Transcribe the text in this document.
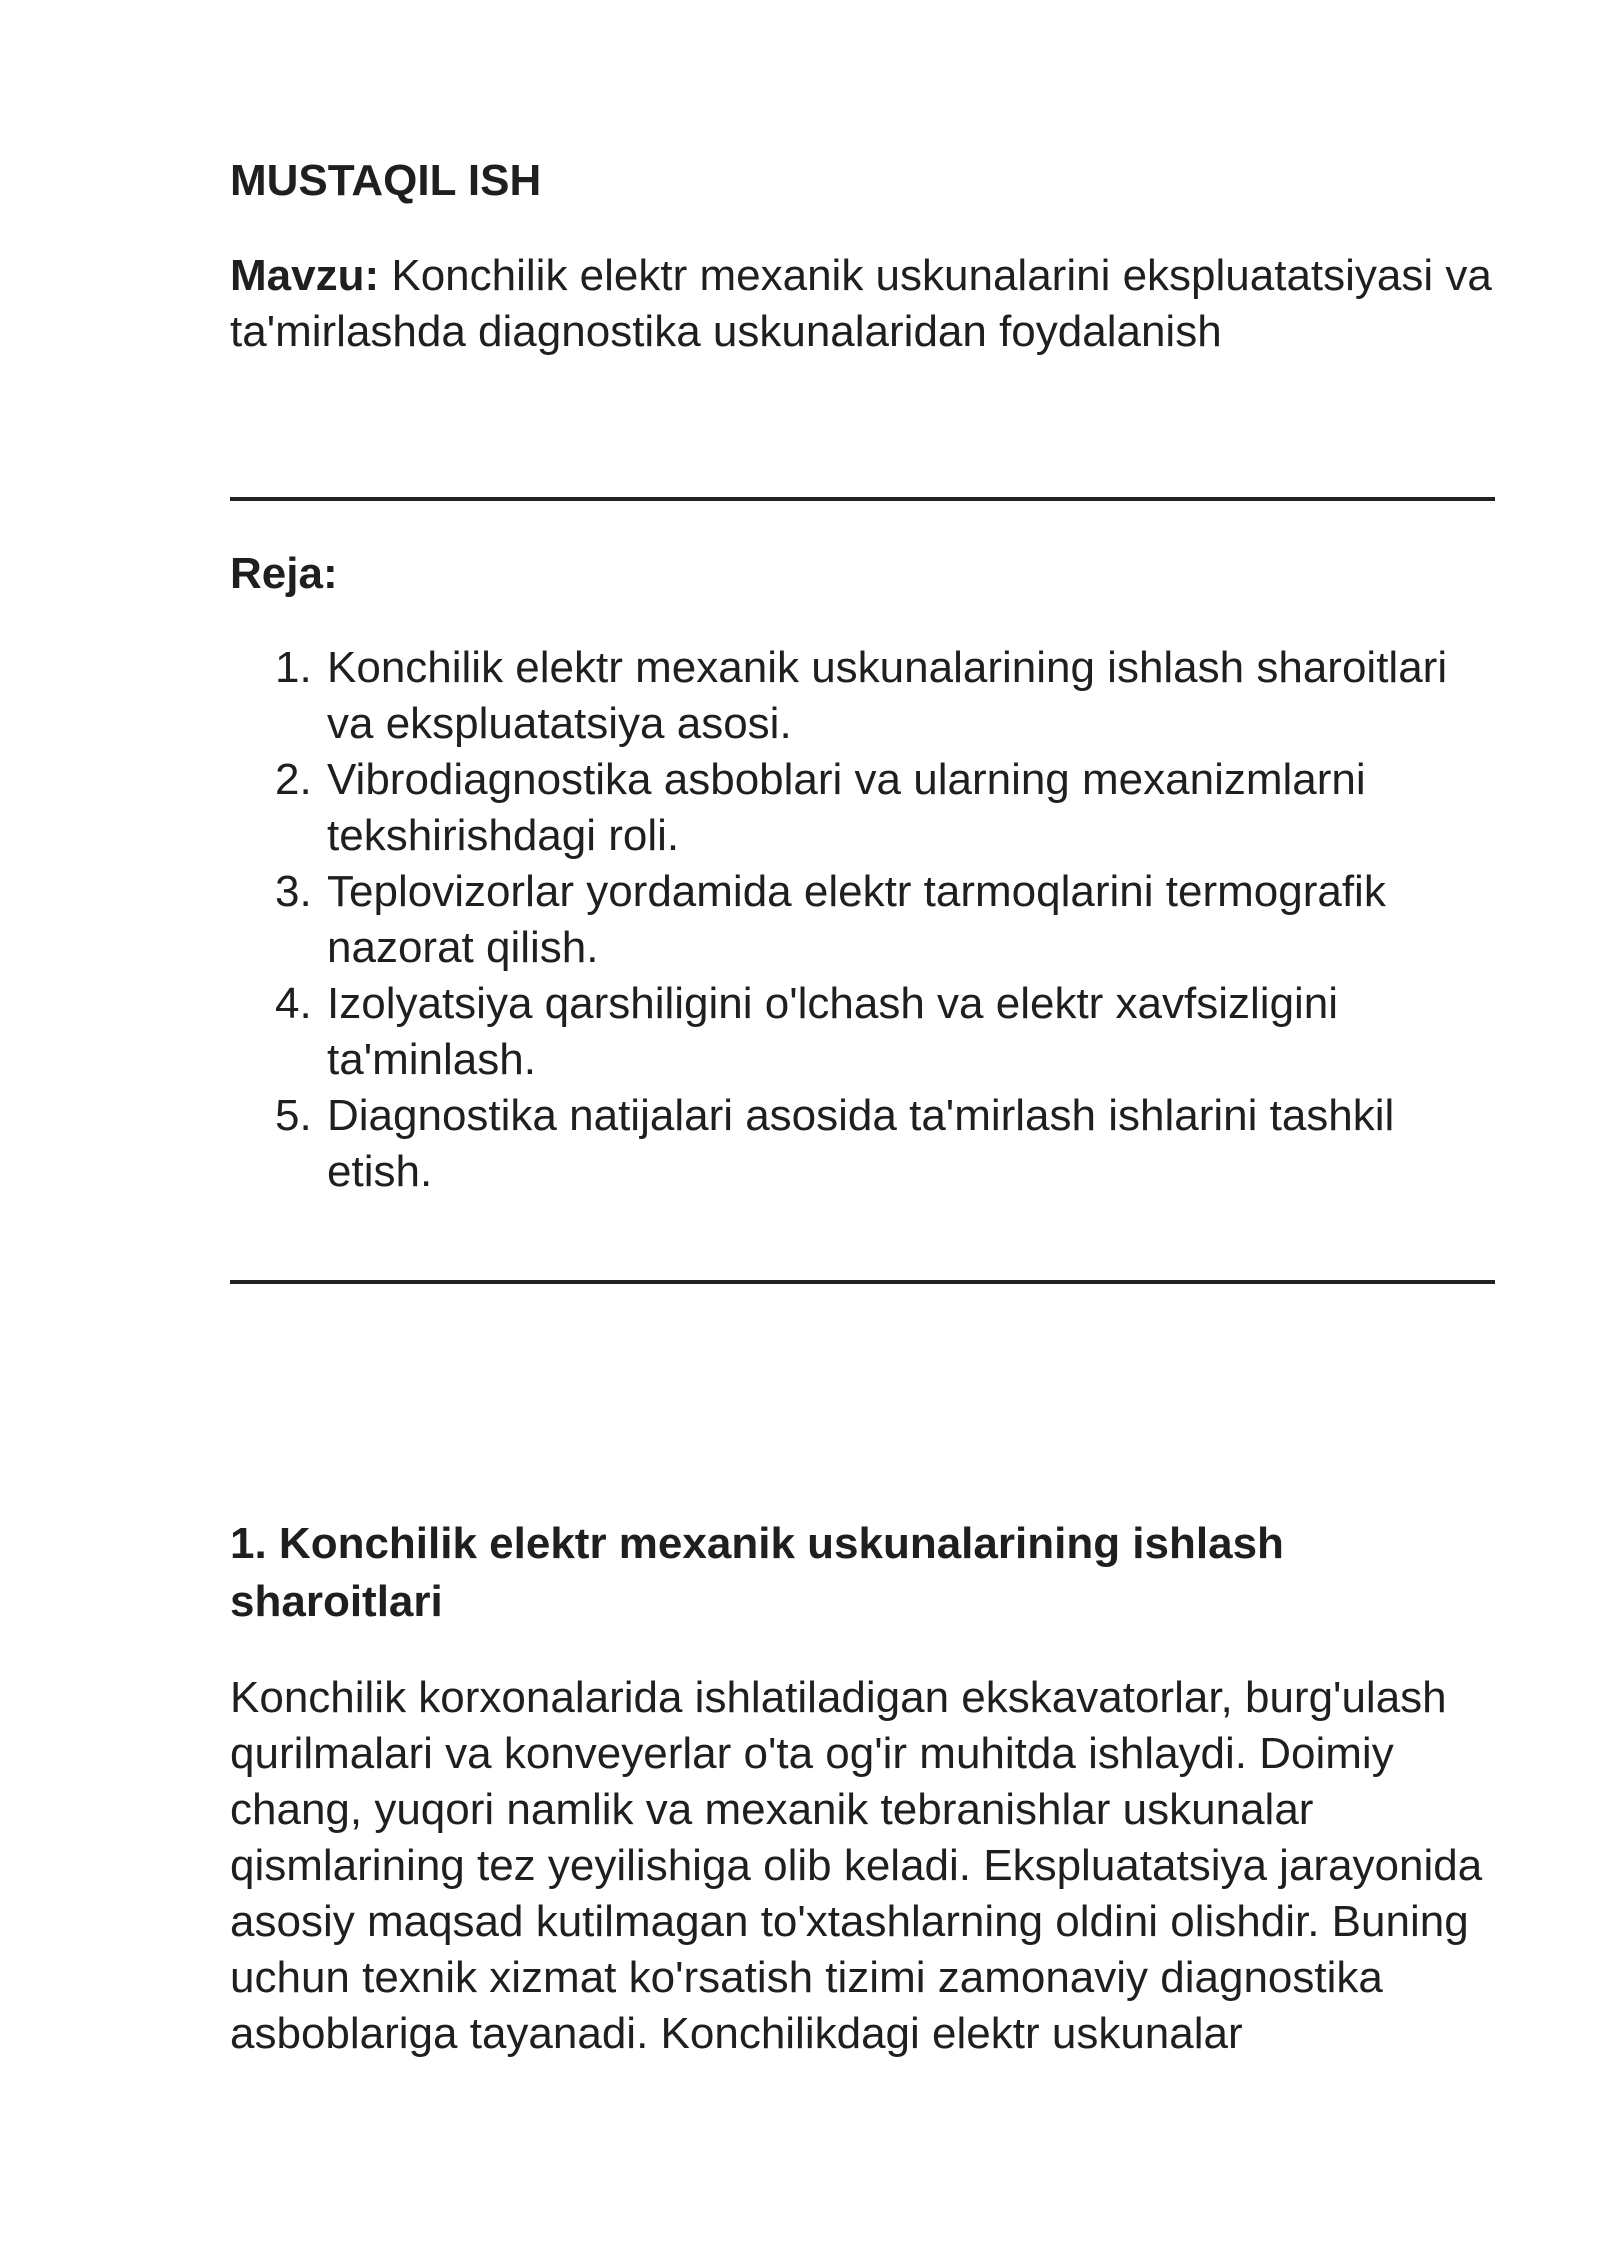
MUSTAQIL ISH

Mavzu: Konchilik elektr mexanik uskunalarini ekspluatatsiyasi va ta'mirlashda diagnostika uskunalaridan foydalanish

Reja:
1. Konchilik elektr mexanik uskunalarining ishlash sharoitlari va ekspluatatsiya asosi.
2. Vibrodiagnostika asboblari va ularning mexanizmlarni tekshirishdagi roli.
3. Teplovizorlar yordamida elektr tarmoqlarini termografik nazorat qilish.
4. Izolyatsiya qarshiligini o'lchash va elektr xavfsizligini ta'minlash.
5. Diagnostika natijalari asosida ta'mirlash ishlarini tashkil etish.
1. Konchilik elektr mexanik uskunalarining ishlash sharoitlari

Konchilik korxonalarida ishlatiladigan ekskavatorlar, burg'ulash qurilmalari va konveyerlar o'ta og'ir muhitda ishlaydi. Doimiy chang, yuqori namlik va mexanik tebranishlar uskunalar qismlarining tez yeyilishiga olib keladi. Ekspluatatsiya jarayonida asosiy maqsad kutilmagan to'xtashlarning oldini olishdir. Buning uchun texnik xizmat ko'rsatish tizimi zamonaviy diagnostika asboblariga tayanadi. Konchilikdagi elektr uskunalar
